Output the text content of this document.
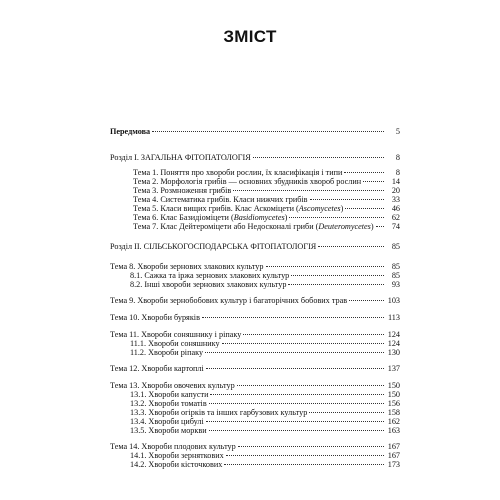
ЗМІСТ
Передмова	5
Розділ І. ЗАГАЛЬНА ФІТОПАТОЛОГІЯ	8
Тема 1. Поняття про хвороби рослин, їх класифікація і типи	8
Тема 2. Морфологія грибів — основних збудників хвороб рослин	14
Тема 3. Розмноження грибів	20
Тема 4. Систематика грибів. Класи нижчих грибів	33
Тема 5. Класи вищих грибів. Клас Аскоміцети (Ascomycetes)	46
Тема 6. Клас Базидіоміцети (Basidiomycetes)	62
Тема 7. Клас Дейтероміцети або Недосконалі гриби (Deuteromycetes)	74
Розділ ІІ. СІЛЬСЬКОГОСПОДАРСЬКА ФІТОПАТОЛОГІЯ	85
Тема 8. Хвороби зернових злакових культур	85
8.1. Сажка та іржа зернових злакових культур	85
8.2. Інші хвороби зернових злакових культур	93
Тема 9. Хвороби зернобобових культур і багаторічних бобових трав	103
Тема 10. Хвороби буряків	113
Тема 11. Хвороби соняшнику і ріпаку	124
11.1. Хвороби соняшнику	124
11.2. Хвороби ріпаку	130
Тема 12. Хвороби картоплі	137
Тема 13. Хвороби овочевих культур	150
13.1. Хвороби капусти	150
13.2. Хвороби томатів	156
13.3. Хвороби огірків та інших гарбузових культур	158
13.4. Хвороби цибулі	162
13.5. Хвороби моркви	163
Тема 14. Хвороби плодових культур	167
14.1. Хвороби зерняткових	167
14.2. Хвороби кісточкових	173
